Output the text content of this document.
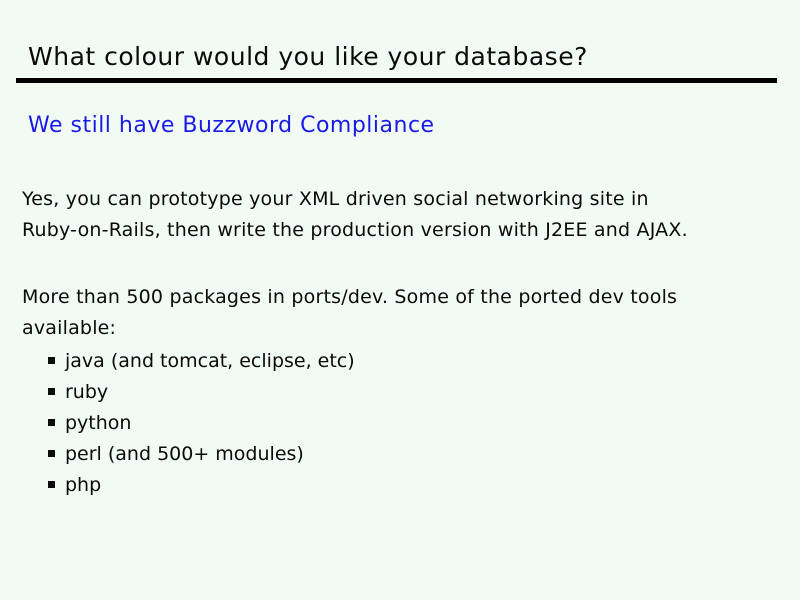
What colour would you like your database?
We still have Buzzword Compliance
Yes, you can prototype your XML driven social networking site in
Ruby-on-Rails, then write the production version with J2EE and AJAX.
More than 500 packages in ports/dev. Some of the ported dev tools
available:
java (and tomcat, eclipse, etc)
ruby
python
perl (and 500+ modules)
php
